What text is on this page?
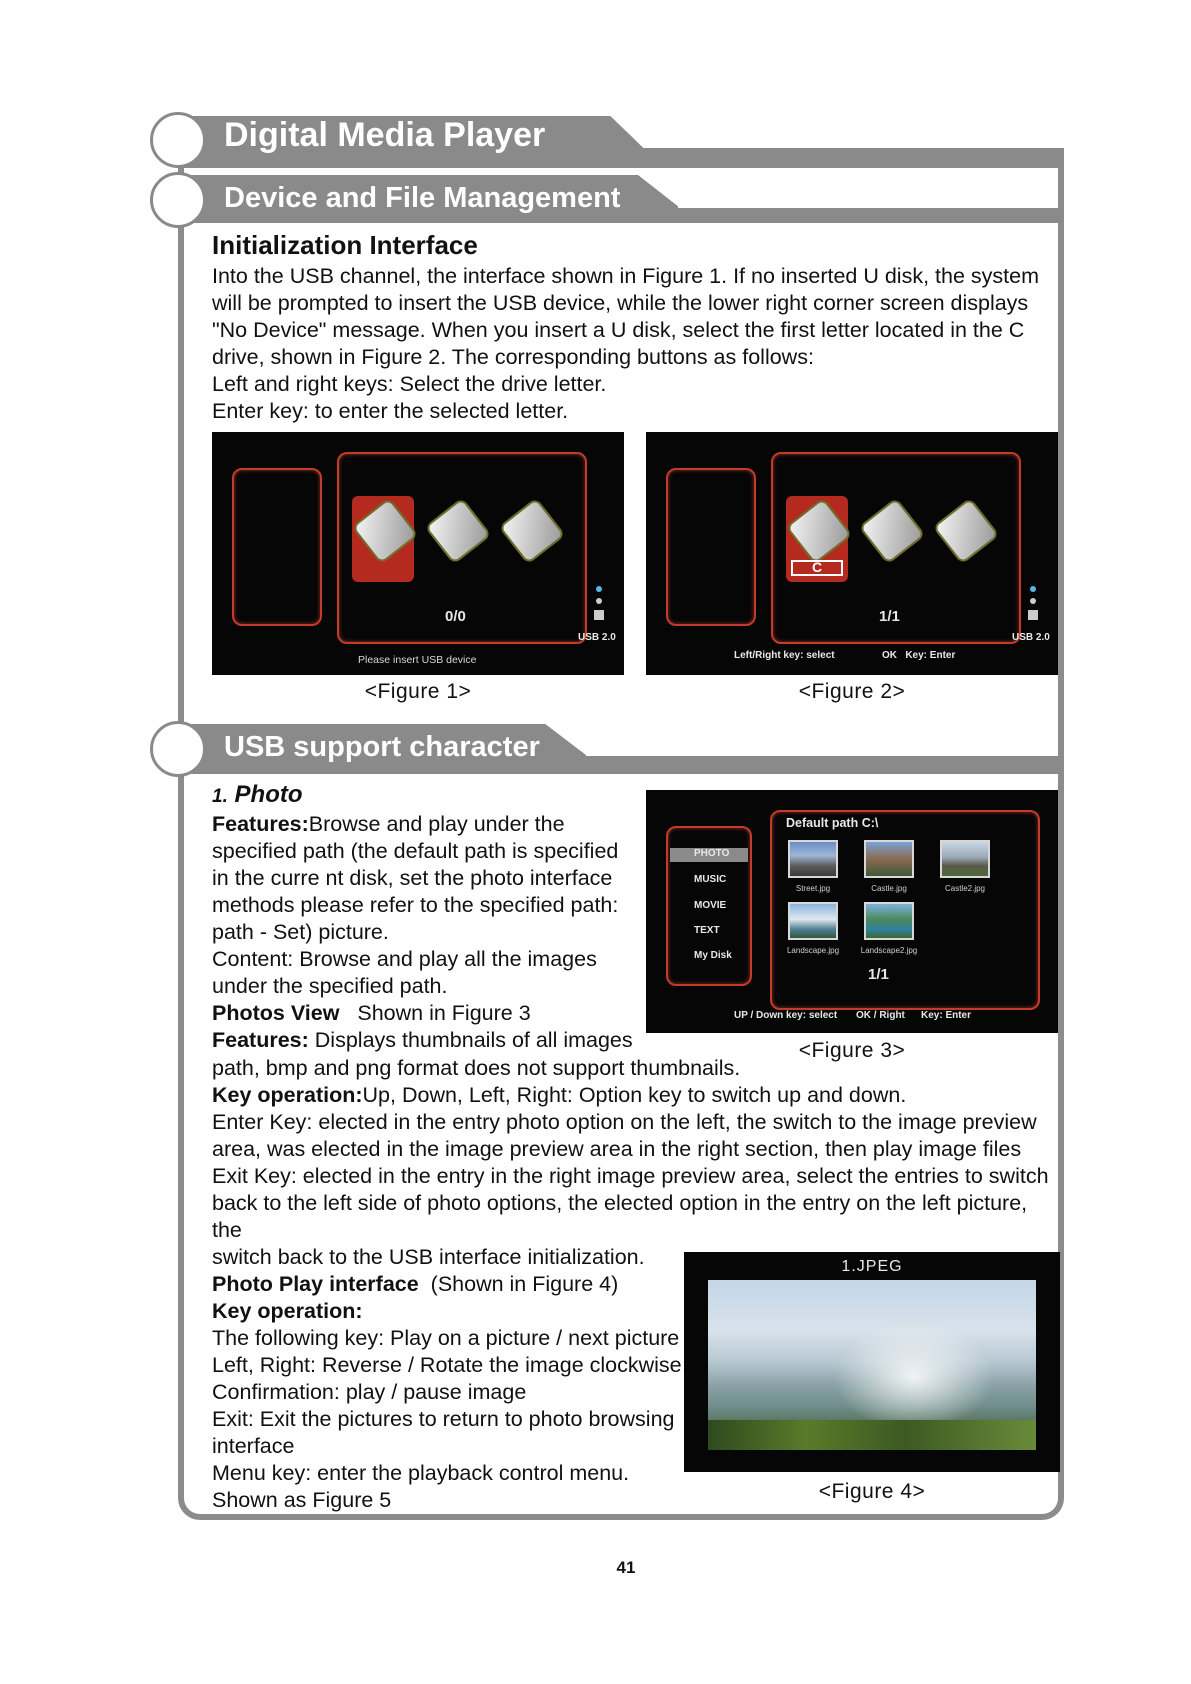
Digital Media Player
Device and File Management
Initialization Interface
Into the USB channel, the interface shown in Figure 1. If no inserted U disk, the system
will be prompted to insert the USB device, while the lower right corner screen displays
"No Device" message. When you insert a U disk, select the first letter located in the C
drive, shown in Figure 2. The corresponding buttons as follows:
Left and right keys: Select the drive letter.
Enter key: to enter the selected letter.
0/0
USB 2.0
Please insert USB device
<Figure 1>
C
1/1
USB 2.0
Left/Right key: select	OK   Key: Enter
<Figure 2>
USB support character
1. Photo
Features:Browse and play under the
specified path (the default path is specified
in the curre nt disk, set the photo interface
methods please refer to the specified path:
path - Set) picture.
Content: Browse and play all the images
under the specified path.
Photos View Shown in Figure 3
Features: Displays thumbnails of all images
path, bmp and png format does not support thumbnails.
Key operation:Up, Down, Left, Right: Option key to switch up and down.
Enter Key: elected in the entry photo option on the left, the switch to the image preview
area, was elected in the image preview area in the right section, then play image files
Exit Key: elected in the entry in the right image preview area, select the entries to switch
back to the left side of photo options, the elected option in the entry on the left picture, the
switch back to the USB interface initialization.
PHOTO
MUSIC
MOVIE
TEXT
My Disk
Default path C:\
Street.jpg	Castle.jpg	Castle2.jpg
Landscape.jpg	Landscape2.jpg
1/1
UP / Down key: select OK / Right Key: Enter
<Figure 3>
Photo Play interface (Shown in Figure 4)
Key operation:
The following key: Play on a picture / next picture
Left, Right: Reverse / Rotate the image clockwise
Confirmation: play / pause image
Exit: Exit the pictures to return to photo browsing
interface
Menu key: enter the playback control menu.
Shown as Figure 5
1.JPEG
<Figure 4>
41
